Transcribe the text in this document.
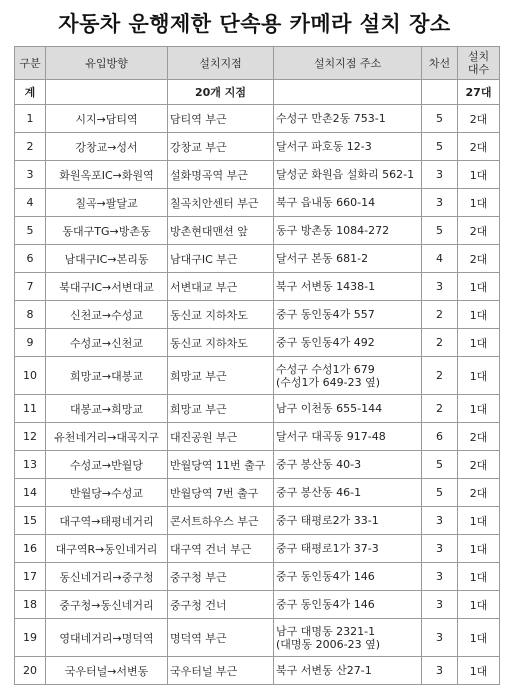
자동차 운행제한 단속용 카메라 설치 장소
구분	유입방향	설치지점	설치지점 주소	차선	설치
대수

계		20개 지점			27대
1	시지→담티역	담티역 부근	수성구 만촌2동 753-1	5	2대
2	강창교→성서	강창교 부근	달서구 파호동 12-3	5	2대
3	화원옥포IC→화원역	설화명곡역 부근	달성군 화원읍 설화리 562-1	3	1대
4	칠곡→팔달교	칠곡치안센터 부근	북구 읍내동 660-14	3	1대
5	동대구TG→방촌동	방촌현대맨션 앞	동구 방촌동 1084-272	5	2대
6	남대구IC→본리동	남대구IC 부근	달서구 본동 681-2	4	2대
7	북대구IC→서변대교	서변대교 부근	북구 서변동 1438-1	3	1대
8	신천교→수성교	동신교 지하차도	중구 동인동4가 557	2	1대
9	수성교→신천교	동신교 지하차도	중구 동인동4가 492	2	1대
10	희망교→대봉교	희망교 부근	수성구 수성1가 679
(수성1가 649-23 옆)	2	1대
11	대봉교→희망교	희망교 부근	남구 이천동 655-144	2	1대
12	유천네거리→대곡지구	대진공원 부근	달서구 대곡동 917-48	6	2대
13	수성교→반월당	반월당역 11번 출구	중구 봉산동 40-3	5	2대
14	반월당→수성교	반월당역 7번 출구	중구 봉산동 46-1	5	2대
15	대구역→태평네거리	콘서트하우스 부근	중구 태평로2가 33-1	3	1대
16	대구역R→동인네거리	대구역 건너 부근	중구 태평로1가 37-3	3	1대
17	동신네거리→중구청	중구청 부근	중구 동인동4가 146	3	1대
18	중구청→동신네거리	중구청 건너	중구 동인동4가 146	3	1대
19	영대네거리→명덕역	명덕역 부근	남구 대명동 2321-1
(대명동 2006-23 옆)	3	1대
20	국우터널→서변동	국우터널 부근	북구 서변동 산27-1	3	1대
